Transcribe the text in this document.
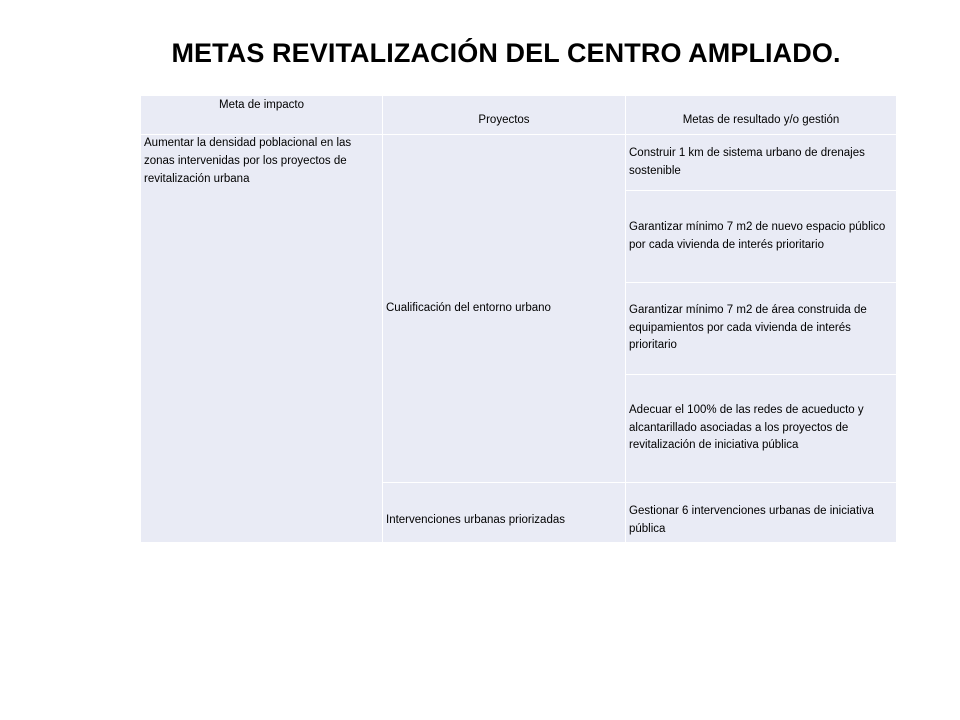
METAS REVITALIZACIÓN DEL CENTRO AMPLIADO.
Meta de impacto	Proyectos	Metas de resultado y/o gestión
Aumentar la densidad poblacional en las zonas intervenidas por los proyectos de revitalización urbana	Cualificación del entorno urbano	Construir 1 km de sistema urbano de drenajes sostenible
		Garantizar mínimo 7 m2 de nuevo espacio público por cada vivienda de interés prioritario
		Garantizar mínimo 7 m2 de área construida de equipamientos por cada vivienda de interés prioritario
		Adecuar el 100% de las redes de acueducto y alcantarillado asociadas a los proyectos de revitalización de iniciativa pública
	Intervenciones urbanas priorizadas	Gestionar 6 intervenciones urbanas de iniciativa pública
